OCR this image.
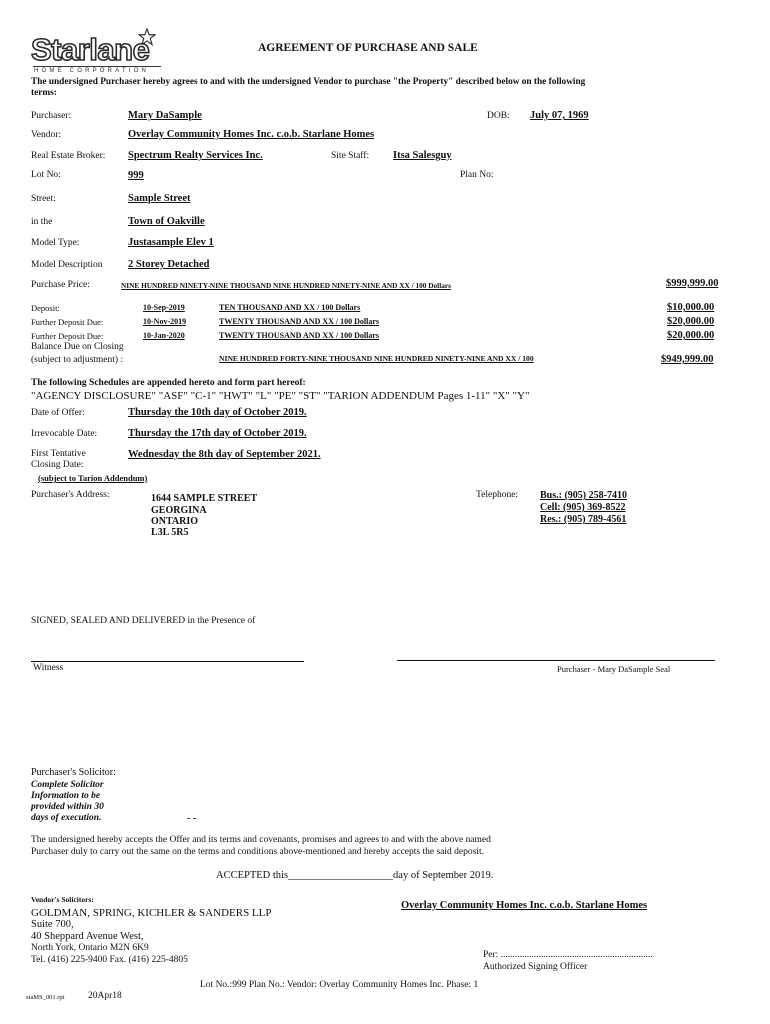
Starlane
HOME CORPORATION
AGREEMENT OF PURCHASE AND SALE
The undersigned Purchaser hereby agrees to and with the undersigned Vendor to purchase "the Property" described below on the following
terms:
Purchaser:	Mary DaSample	DOB: July 07, 1969
Vendor:	Overlay Community Homes Inc. c.o.b. Starlane Homes
Real Estate Broker: Spectrum Realty Services Inc.	Site Staff: Itsa Salesguy
Lot No:	999	Plan No:
Street:	Sample Street
in the	Town of Oakville
Model Type:	Justasample Elev 1
Model Description 2 Storey Detached
Purchase Price:	NINE HUNDRED NINETY-NINE THOUSAND NINE HUNDRED NINETY-NINE AND XX / 100 Dollars	$999,999.00
Deposit:	10-Sep-2019	TEN THOUSAND AND XX / 100 Dollars	$10,000.00
Further Deposit Due:	10-Nov-2019	TWENTY THOUSAND AND XX / 100 Dollars	$20,000.00
Further Deposit Due:	10-Jan-2020	TWENTY THOUSAND AND XX / 100 Dollars	$20,000.00
Balance Due on Closing
(subject to adjustment) :	NINE HUNDRED FORTY-NINE THOUSAND NINE HUNDRED NINETY-NINE AND XX / 100	$949,999.00
The following Schedules are appended hereto and form part hereof:
"AGENCY DISCLOSURE" "ASF" "C-1" "HWT" "L" "PE" "ST" "TARION ADDENDUM Pages 1-11" "X" "Y"
Date of Offer:	Thursday the 10th day of October 2019.
Irrevocable Date:	Thursday the 17th day of October 2019.
First Tentative
Closing Date:
Wednesday the 8th day of September 2021.
(subject to Tarion Addendum)
Purchaser's Address:	1644 SAMPLE STREET
GEORGINA
ONTARIO
L3L 5R5
Telephone: Bus.: (905) 258-7410
Cell: (905) 369-8522
Res.: (905) 789-4561
SIGNED, SEALED AND DELIVERED in the Presence of
Witness	Purchaser - Mary DaSample Seal
Purchaser's Solicitor:
Complete Solicitor
Information to be
provided within 30
days of execution.	- -
The undersigned hereby accepts the Offer and its terms and covenants, promises and agrees to and with the above named
Purchaser duly to carry out the same on the terms and conditions above-mentioned and hereby accepts the said deposit.
ACCEPTED this____________________day of September 2019.
Vendor's Solicitors:
GOLDMAN, SPRING, KICHLER & SANDERS LLP
Suite 700,
40 Sheppard Avenue West,
North York, Ontario M2N 6K9
Tel. (416) 225-9400 Fax. (416) 225-4805
Overlay Community Homes Inc. c.o.b. Starlane Homes
Per: ................................................................
Authorized Signing Officer
Lot No.:999 Plan No.: Vendor: Overlay Community Homes Inc. Phase: 1
staMS_001.rpt 20Apr18
